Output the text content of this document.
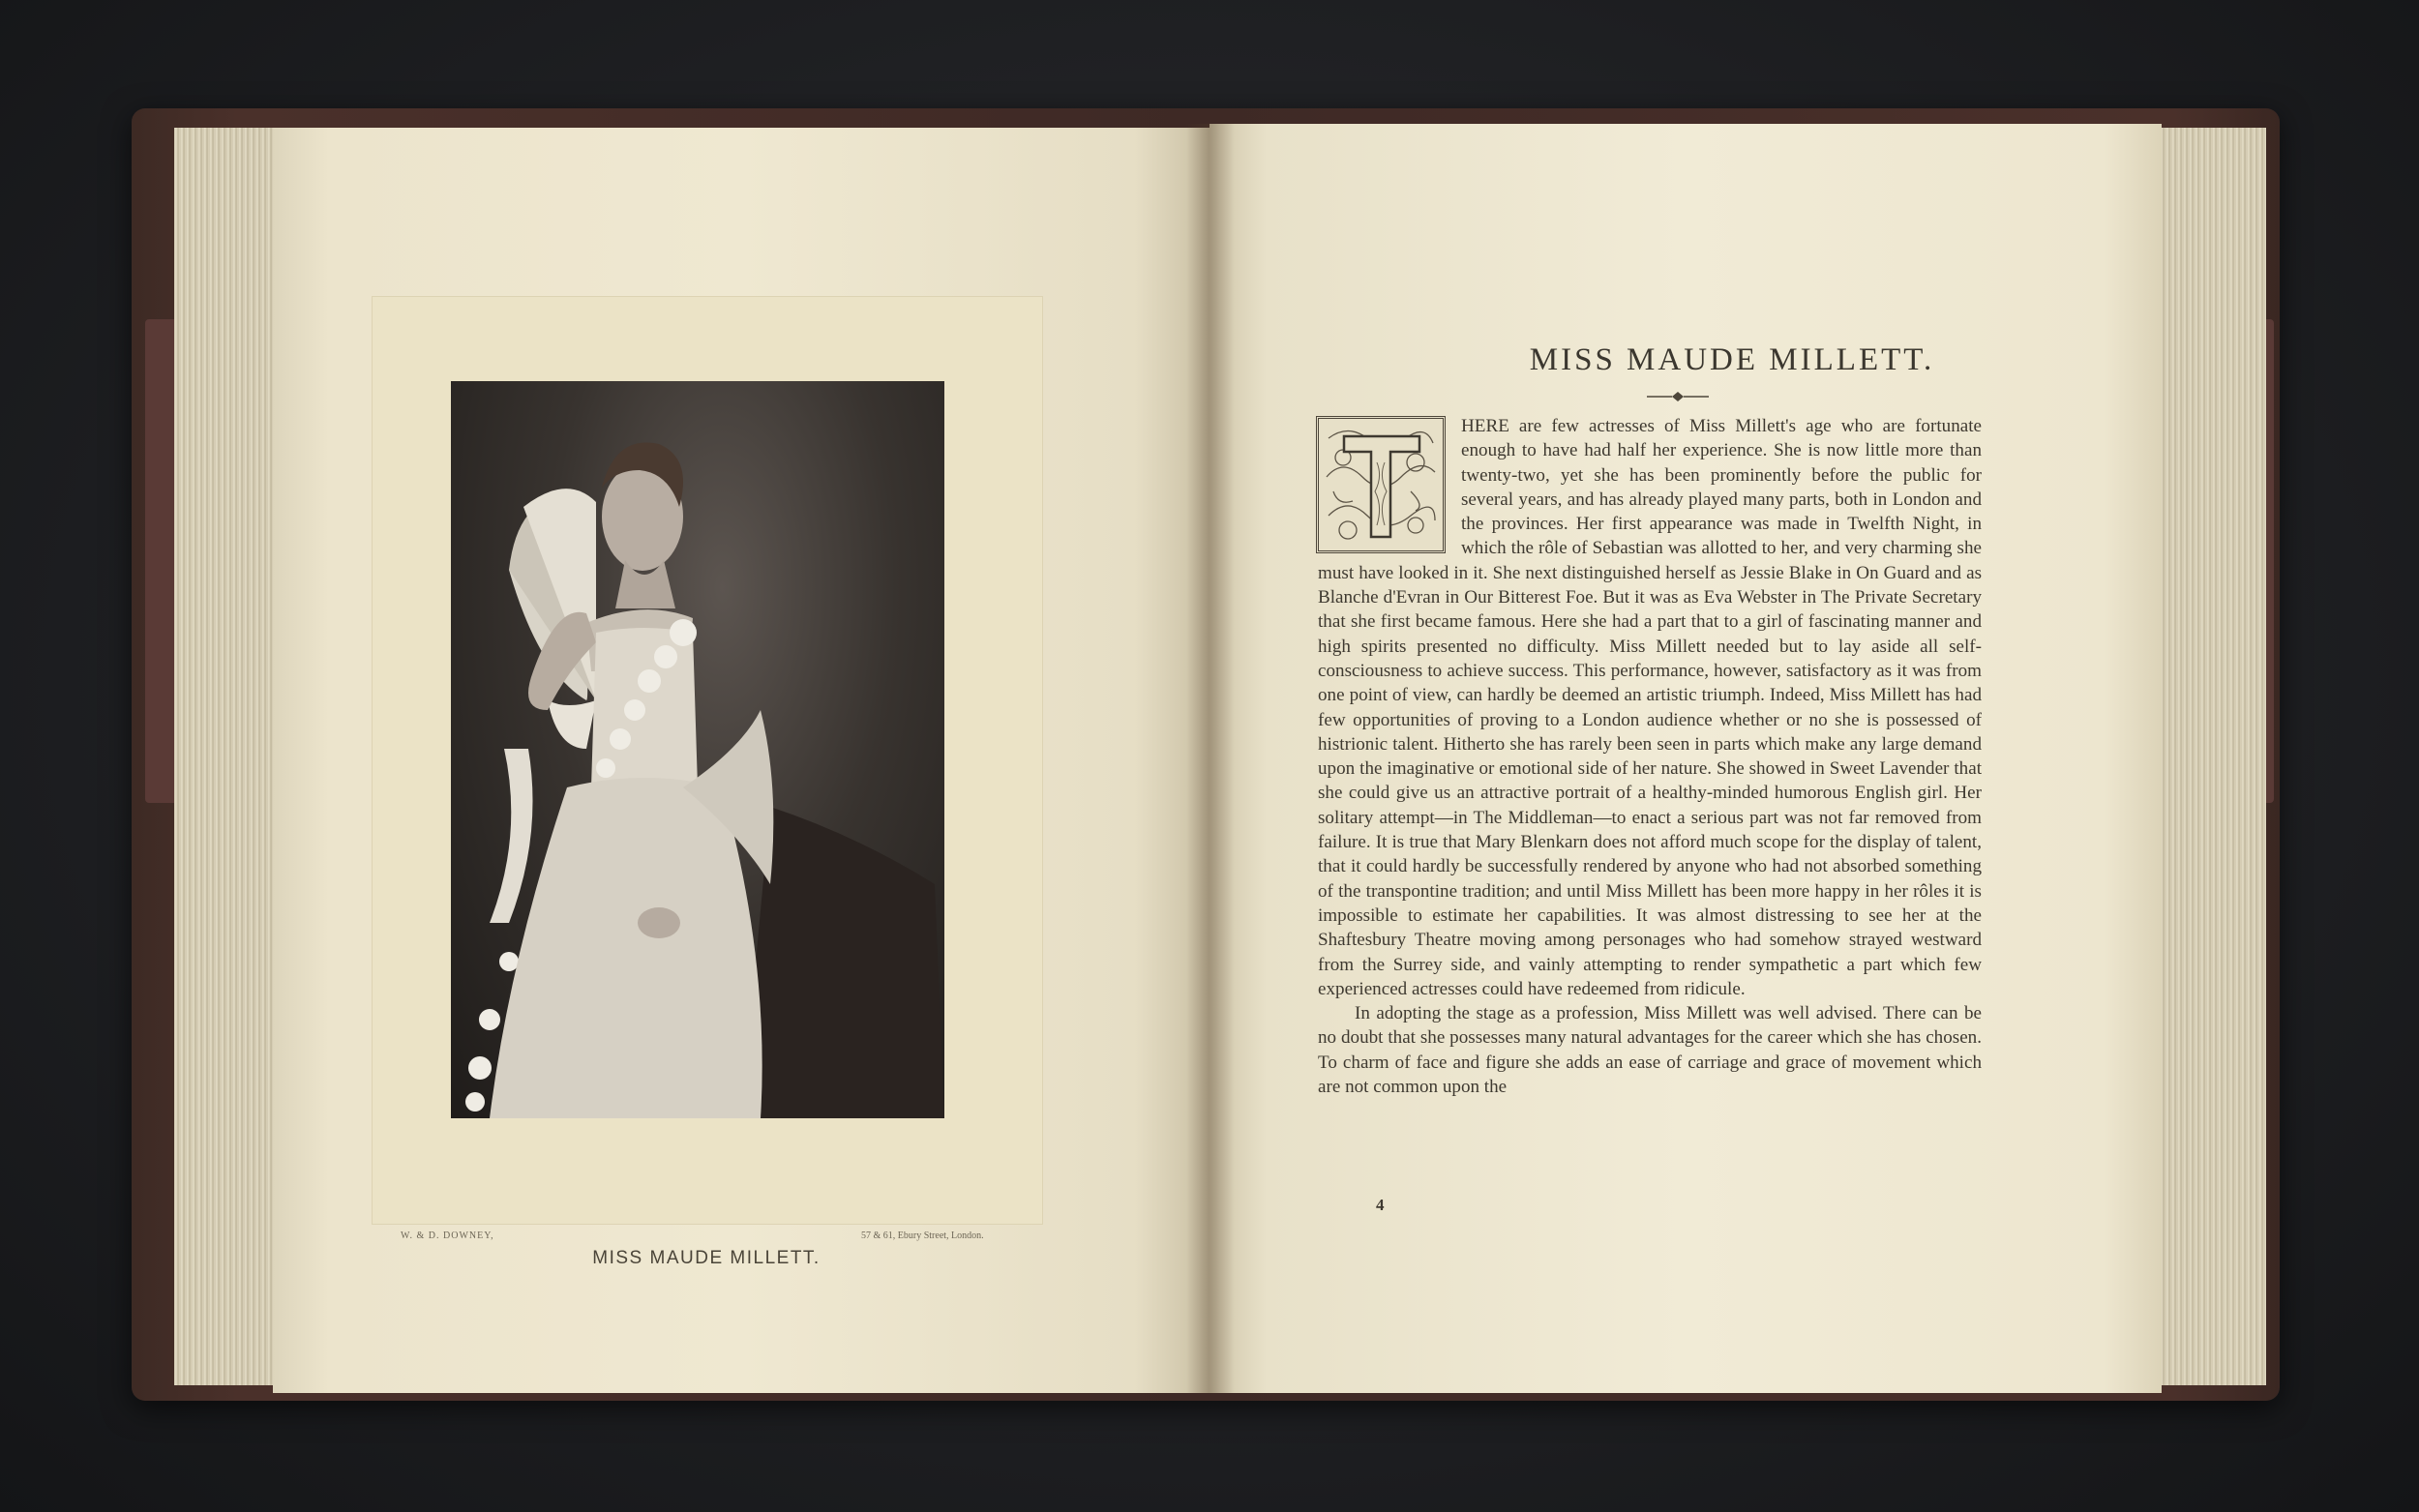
W. & D. DOWNEY,	57 & 61, Ebury Street, London.
MISS MAUDE MILLETT.
MISS MAUDE MILLETT.

HERE are few actresses of Miss Millett's age who are fortunate enough to have had half her experience. She is now little more than twenty-two, yet she has been prominently before the public for several years, and has already played many parts, both in London and the provinces. Her first appearance was made in Twelfth Night, in which the rôle of Sebastian was allotted to her, and very charming she must have looked in it. She next distinguished herself as Jessie Blake in On Guard and as Blanche d'Evran in Our Bitterest Foe. But it was as Eva Webster in The Private Secretary that she first became famous. Here she had a part that to a girl of fascinating manner and high spirits presented no difficulty. Miss Millett needed but to lay aside all self-consciousness to achieve success. This performance, however, satisfactory as it was from one point of view, can hardly be deemed an artistic triumph. Indeed, Miss Millett has had few opportunities of proving to a London audience whether or no she is possessed of histrionic talent. Hitherto she has rarely been seen in parts which make any large demand upon the imaginative or emotional side of her nature. She showed in Sweet Lavender that she could give us an attractive portrait of a healthy-minded humorous English girl. Her solitary attempt—in The Middleman—to enact a serious part was not far removed from failure. It is true that Mary Blenkarn does not afford much scope for the display of talent, that it could hardly be successfully rendered by anyone who had not absorbed something of the transpontine tradition; and until Miss Millett has been more happy in her rôles it is impossible to estimate her capabilities. It was almost distressing to see her at the Shaftesbury Theatre moving among personages who had somehow strayed westward from the Surrey side, and vainly attempting to render sympathetic a part which few experienced actresses could have redeemed from ridicule.

In adopting the stage as a profession, Miss Millett was well advised. There can be no doubt that she possesses many natural advantages for the career which she has chosen. To charm of face and figure she adds an ease of carriage and grace of movement which are not common upon the

4
